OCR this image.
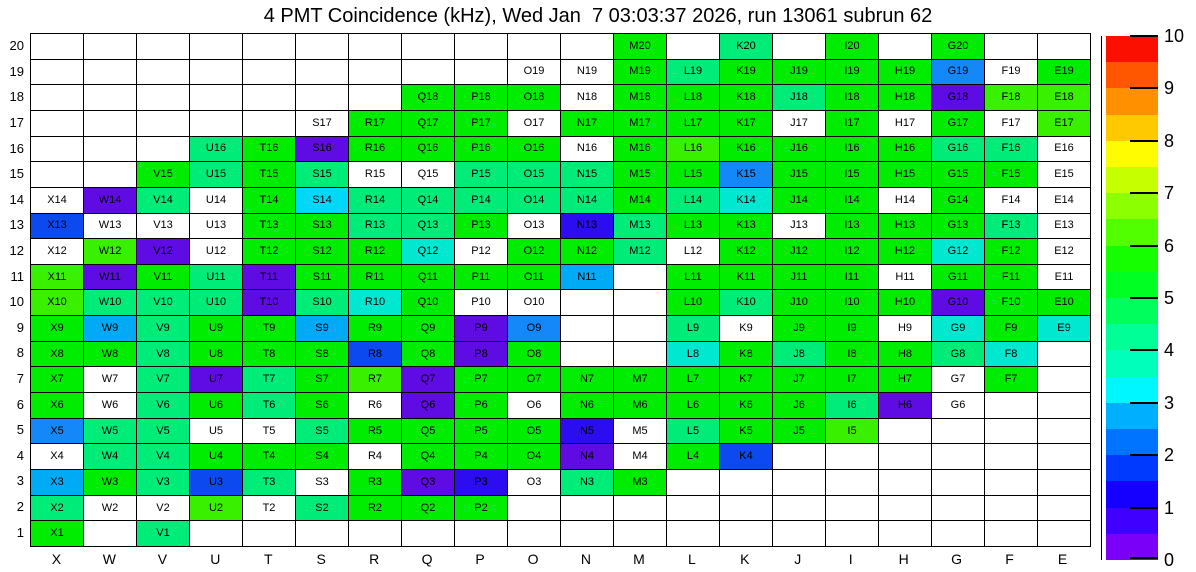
4 PMT Coincidence (kHz), Wed Jan  7 03:03:37 2026, run 13061 subrun 62
20
19
18
17
16
15
14
13
12
11
10
9
8
7
6
5
4
3
2
1
M20	K20	I20	G20
O19	N19	M19	L19	K19	J19	I19	H19	G19	F19	E19
Q18	P18	O18	N18	M18	L18	K18	J18	I18	H18	G18	F18	E18
S17	R17	Q17	P17	O17	N17	M17	L17	K17	J17	I17	H17	G17	F17	E17
U16	T16	S16	R16	Q16	P16	O16	N16	M16	L16	K16	J16	I16	H16	G16	F16	E16
V15	U15	T15	S15	R15	Q15	P15	O15	N15	M15	L15	K15	J15	I15	H15	G15	F15	E15
X14	W14	V14	U14	T14	S14	R14	Q14	P14	O14	N14	M14	L14	K14	J14	I14	H14	G14	F14	E14
X13	W13	V13	U13	T13	S13	R13	Q13	P13	O13	N13	M13	L13	K13	J13	I13	H13	G13	F13	E13
X12	W12	V12	U12	T12	S12	R12	Q12	P12	O12	N12	M12	L12	K12	J12	I12	H12	G12	F12	E12
X11	W11	V11	U11	T11	S11	R11	Q11	P11	O11	N11	L11	K11	J11	I11	H11	G11	F11	E11
X10	W10	V10	U10	T10	S10	R10	Q10	P10	O10	L10	K10	J10	I10	H10	G10	F10	E10
X9	W9	V9	U9	T9	S9	R9	Q9	P9	O9	L9	K9	J9	I9	H9	G9	F9	E9
X8	W8	V8	U8	T8	S8	R8	Q8	P8	O8	L8	K8	J8	I8	H8	G8	F8
X7	W7	V7	U7	T7	S7	R7	Q7	P7	O7	N7	M7	L7	K7	J7	I7	H7	G7	F7
X6	W6	V6	U6	T6	S6	R6	Q6	P6	O6	N6	M6	L6	K6	J6	I6	H6	G6
X5	W5	V5	U5	T5	S5	R5	Q5	P5	O5	N5	M5	L5	K5	J5	I5
X4	W4	V4	U4	T4	S4	R4	Q4	P4	O4	N4	M4	L4	K4
X3	W3	V3	U3	T3	S3	R3	Q3	P3	O3	N3	M3
X2	W2	V2	U2	T2	S2	R2	Q2	P2
X1	V1
X	W	V	U	T	S	R	Q	P	O	N	M	L	K	J	I	H	G	F	E	0
1
2
3
4
5
6
7
8
9
10
